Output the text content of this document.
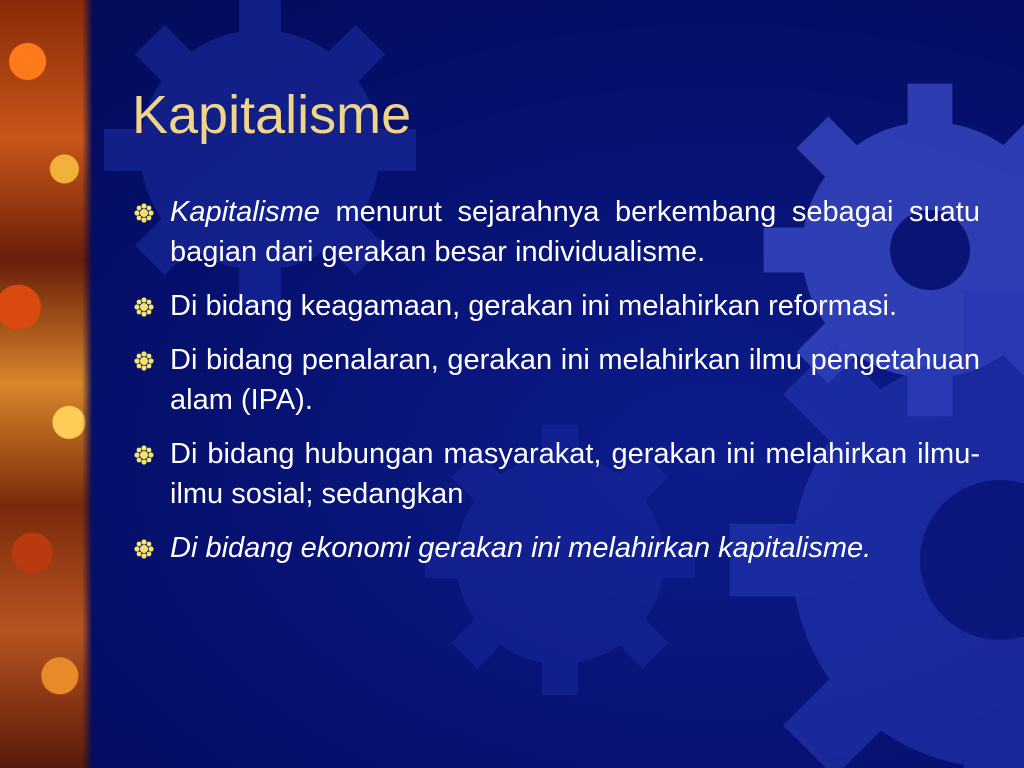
Kapitalisme
Kapitalisme menurut sejarahnya berkembang sebagai suatu bagian dari gerakan besar individualisme.
Di bidang keagamaan, gerakan ini melahirkan reformasi.
Di bidang penalaran, gerakan ini melahirkan ilmu pengetahuan alam (IPA).
Di bidang hubungan masyarakat, gerakan ini melahirkan ilmu-ilmu sosial; sedangkan
Di bidang ekonomi gerakan ini melahirkan kapitalisme.
